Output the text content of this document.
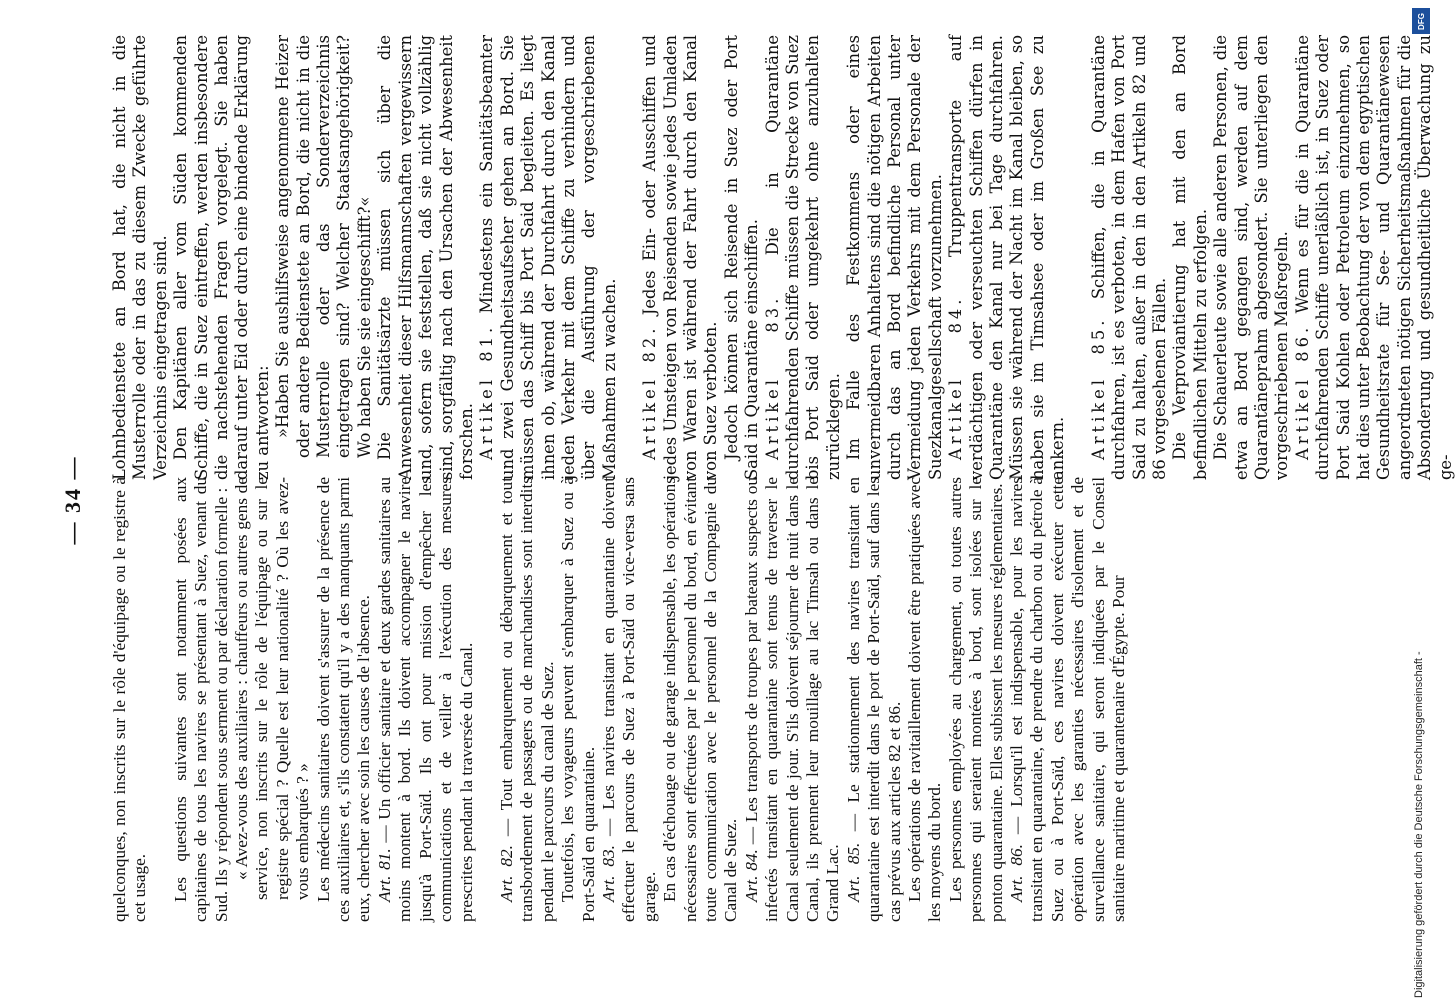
— 34 — quelconques, non inscrits sur le rôle d'équipage ou le registre à cet usage. Les questions suivantes sont notamment posées aux capitaines de tous les navires se présentant à Suez, venant du Sud. Ils y répondent sous serment ou par déclaration formelle : « Avez-vous des auxiliaires : chauffeurs ou autres gens de service, non inscrits sur le rôle de l'équipage ou sur le registre spécial ? Quelle est leur nationalité ? Où les avez-vous embarqués ? » Les médecins sanitaires doivent s'assurer de la présence de ces auxiliaires et, s'ils constatent qu'il y a des manquants parmi eux, chercher avec soin les causes de l'absence. Art. 81. — Un officier sanitaire et deux gardes sanitaires au moins montent à bord. Ils doivent accompagner le navire jusqu'à Port-Saïd. Ils ont pour mission d'empêcher les communications et de veiller à l'exécution des mesures prescrites pendant la traversée du Canal. Art. 82. — Tout embarquement ou débarquement et tout transbordement de passagers ou de marchandises sont interdits pendant le parcours du canal de Suez. Toutefois, les voyageurs peuvent s'embarquer à Suez ou à Port-Saïd en quarantaine. Art. 83. — Les navires transitant en quarantaine doivent effectuer le parcours de Suez à Port-Saïd ou vice-versa sans garage. En cas d'échouage ou de garage indispensable, les opérations nécessaires sont effectuées par le personnel du bord, en évitant toute communication avec le personnel de la Compagnie du Canal de Suez. Art. 84. — Les transports de troupes par bateaux suspects ou infectés transitant en quarantaine sont tenus de traverser le Canal seulement de jour. S'ils doivent séjourner de nuit dans le Canal, ils prennent leur mouillage au lac Timsah ou dans le Grand Lac. Art. 85. — Le stationnement des navires transitant en quarantaine est interdit dans le port de Port-Saïd, sauf dans les cas prévus aux articles 82 et 86. Les opérations de ravitaillement doivent être pratiquées avec les moyens du bord. Les personnes employées au chargement, ou toutes autres personnes qui seraient montées à bord, sont isolées sur le ponton quarantaine. Elles subissent les mesures réglementaires. Art. 86. — Lorsqu'il est indispensable, pour les navires transitant en quarantaine, de prendre du charbon ou du pétrole à Suez ou à Port-Saïd, ces navires doivent exécuter cette opération avec les garanties nécessaires d'isolement et de surveillance sanitaire, qui seront indiquées par le Conseil sanitaire maritime et quarantenaire d'Égypte. Pour

Lohnbedienstete an Bord hat, die nicht in die Musterrolle oder in das zu diesem Zwecke geführte Verzeichnis eingetragen sind. Den Kapitänen aller vom Süden kommenden Schiffe, die in Suez eintreffen, werden insbesondere die nachstehenden Fragen vorgelegt. Sie haben darauf unter Eid oder durch eine bindende Erklärung zu antworten: »Haben Sie aushilfsweise angenommene Heizer oder andere Bedienstete an Bord, die nicht in die Musterrolle oder das Sonderverzeichnis eingetragen sind? Welcher Staatsangehörigkeit? Wo haben Sie sie eingeschifft?« Die Sanitätsärzte müssen sich über die Anwesenheit dieser Hilfsmannschaften vergewissern und, sofern sie feststellen, daß sie nicht vollzählig sind, sorgfältig nach den Ursachen der Abwesenheit forschen. Artikel 81. Mindestens ein Sanitätsbeamter und zwei Gesundheitsaufseher gehen an Bord. Sie müssen das Schiff bis Port Said begleiten. Es liegt ihnen ob, während der Durchfahrt durch den Kanal jeden Verkehr mit dem Schiffe zu verhindern und über die Ausführung der vorgeschriebenen Maßnahmen zu wachen. Artikel 82. Jedes Ein- oder Ausschiffen und jedes Umsteigen von Reisenden sowie jedes Umladen von Waren ist während der Fahrt durch den Kanal von Suez verboten. Jedoch können sich Reisende in Suez oder Port Said in Quarantäne einschiffen. Artikel 83. Die in Quarantäne durchfahrenden Schiffe müssen die Strecke von Suez bis Port Said oder umgekehrt ohne anzuhalten zurücklegen. Im Falle des Festkommens oder eines unvermeidbaren Anhaltens sind die nötigen Arbeiten durch das an Bord befindliche Personal unter Vermeidung jeden Verkehrs mit dem Personale der Suezkanalgesellschaft vorzunehmen. Artikel 84. Truppentransporte auf verdächtigen oder verseuchten Schiffen dürfen in Quarantäne den Kanal nur bei Tage durchfahren. Müssen sie während der Nacht im Kanal bleiben, so haben sie im Timsahsee oder im Großen See zu ankern. Artikel 85. Schiffen, die in Quarantäne durchfahren, ist es verboten, in dem Hafen von Port Said zu halten, außer in den in den Artikeln 82 und 86 vorgesehenen Fällen. Die Verproviantierung hat mit den an Bord befindlichen Mitteln zu erfolgen. Die Schauerleute sowie alle anderen Personen, die etwa an Bord gegangen sind, werden auf dem Quarantäneprahm abgesondert. Sie unterliegen den vorgeschriebenen Maßregeln. Artikel 86. Wenn es für die in Quarantäne durchfahrenden Schiffe unerläßlich ist, in Suez oder Port Said Kohlen oder Petroleum einzunehmen, so hat dies unter Beobachtung der von dem egyptischen Gesundheitsrate für See- und Quarantänewesen angeordneten nötigen Sicherheitsmaßnahmen für die Absonderung und gesundheitliche Überwachung zu ge-

Digitalisierung gefördert durch die Deutsche Forschungsgemeinschaft -
DFG
